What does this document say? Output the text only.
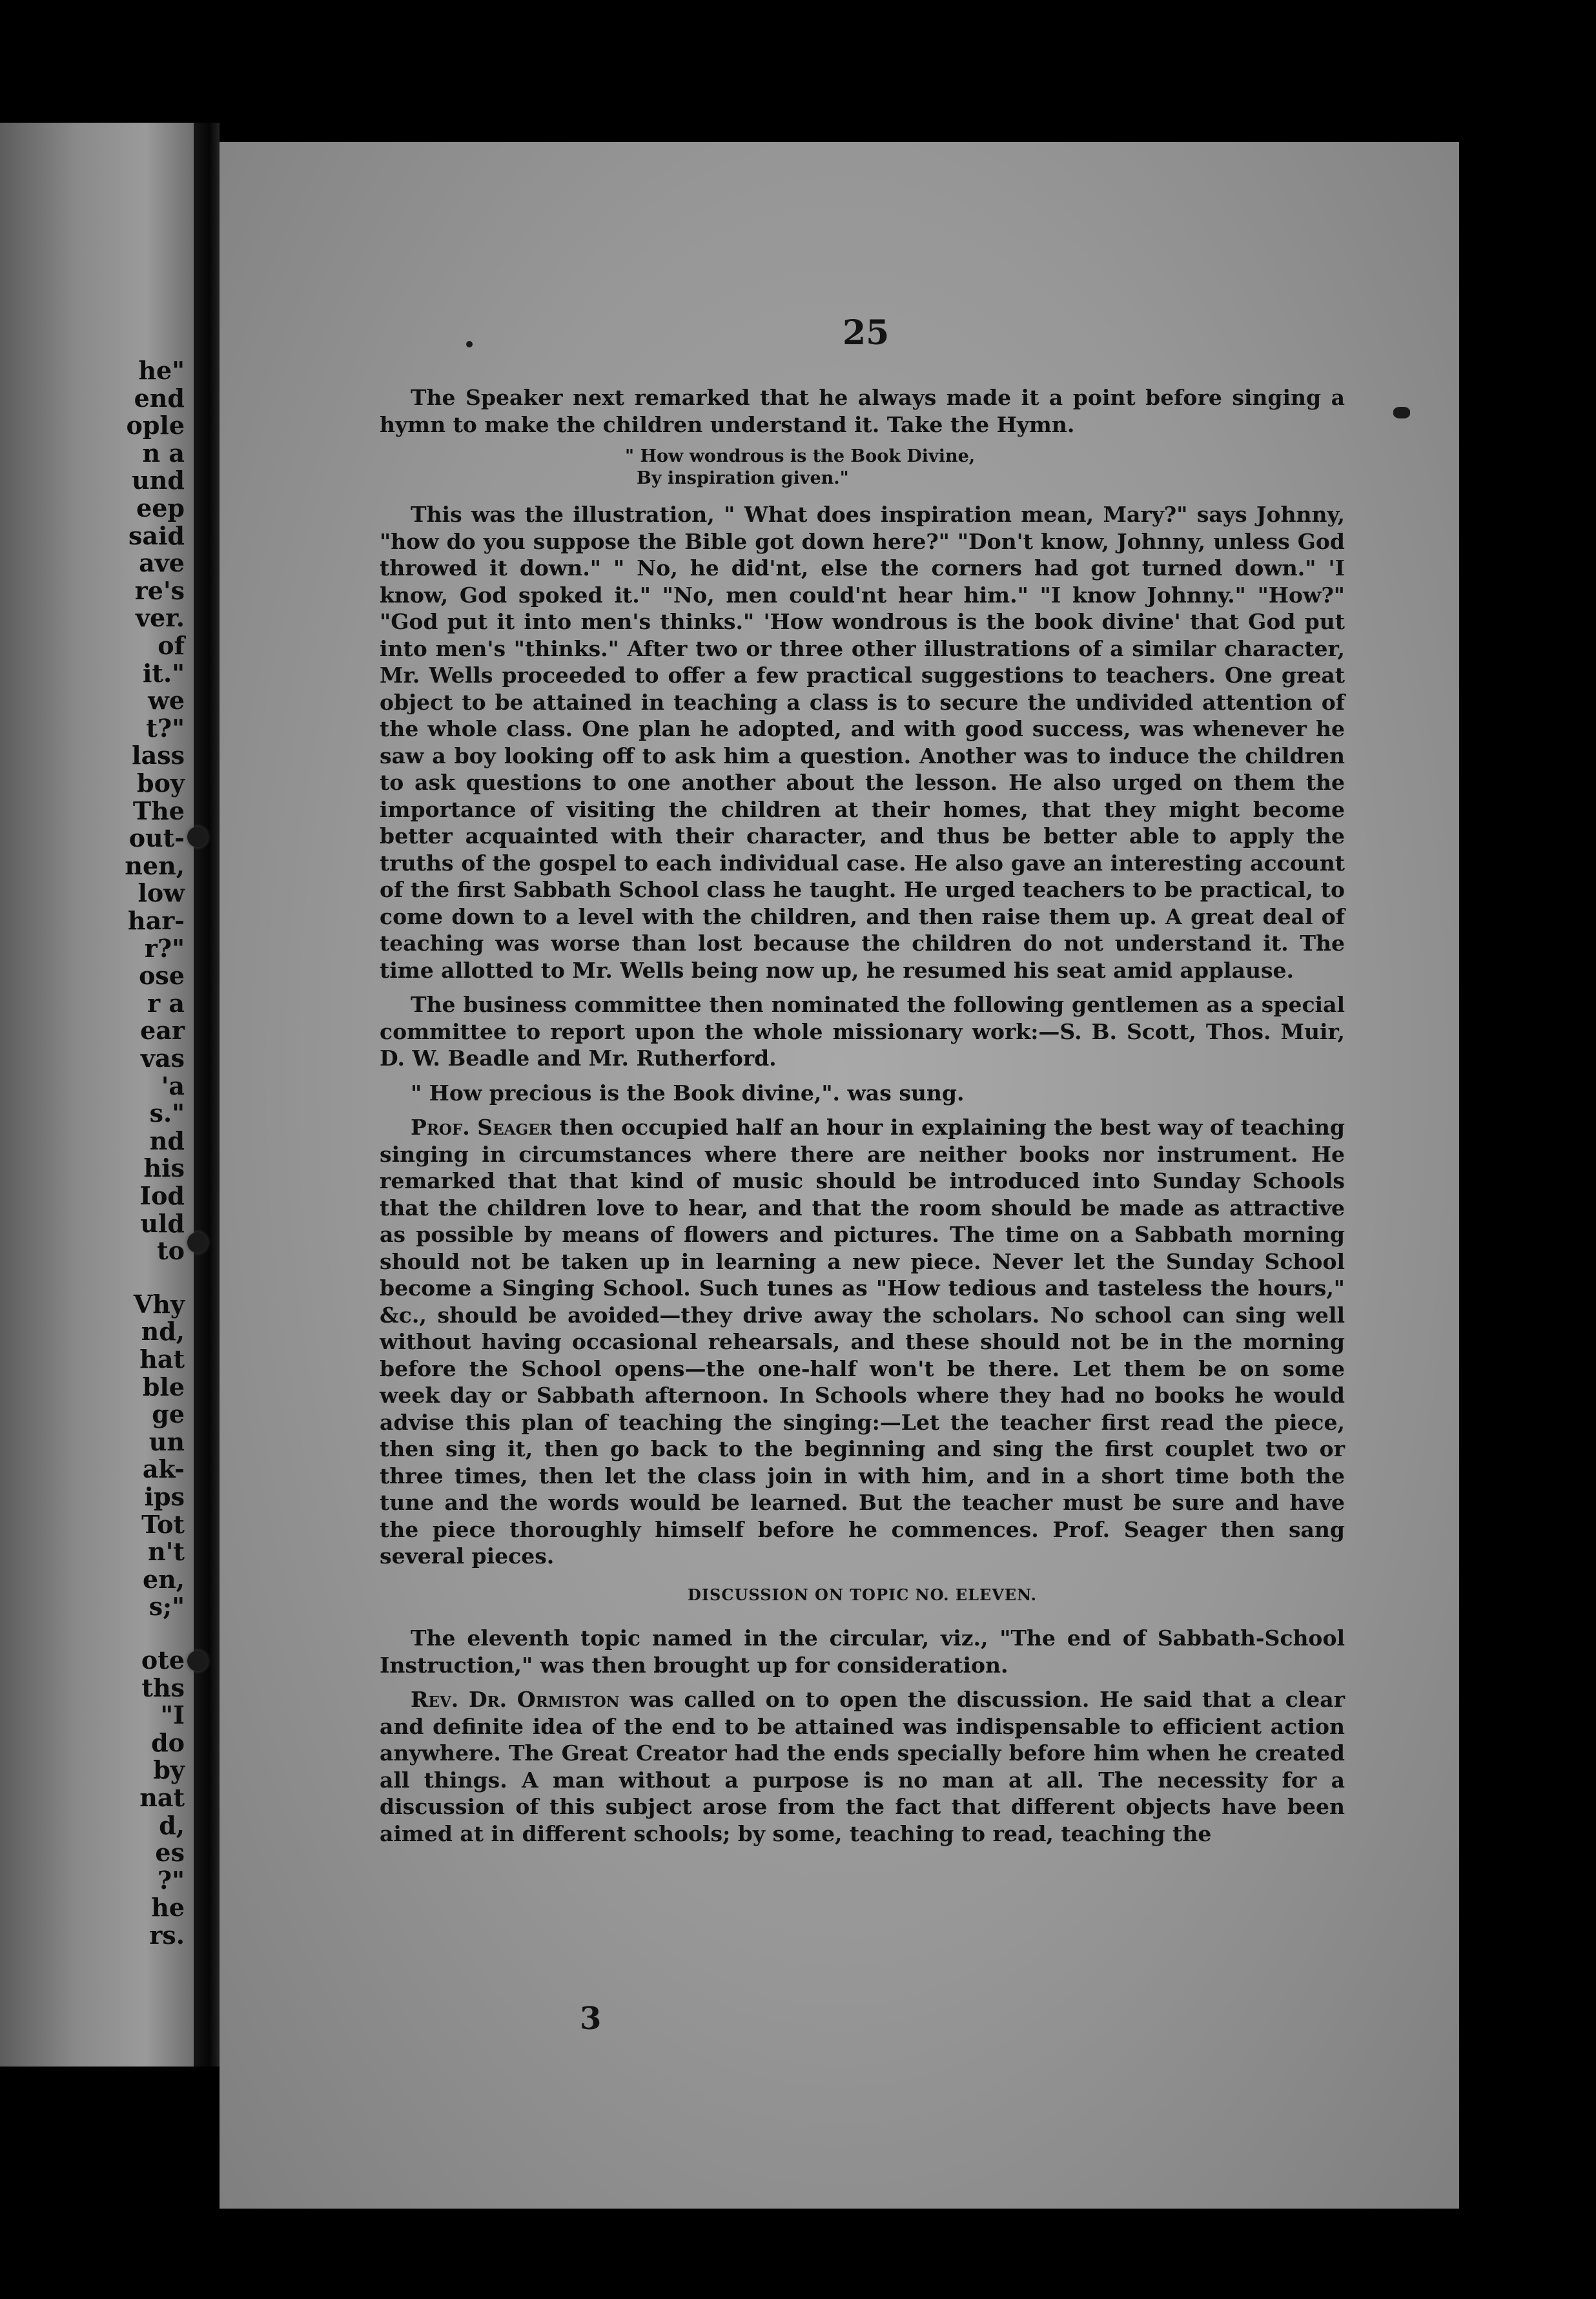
he"
end
ople
n a
und
eep
said
ave
re's
ver.
of
it."
we
t?"
lass
boy
The
out-
nen,
low
har-
r?"
ose
r a
ear
vas
'a
s."
nd
his
Iod
uld
to
Vhy
nd,
hat
ble
ge
un
ak-
ips
Tot
n't
en,
s;"
ote
ths
"I
do
by
nat
d,
es
?"
he
rs.
25

The Speaker next remarked that he always made it a point before singing a hymn to make the children understand it. Take the Hymn.

" How wondrous is the Book Divine,
By inspiration given."

This was the illustration, " What does inspiration mean, Mary?" says Johnny, "how do you suppose the Bible got down here?" "Don't know, Johnny, unless God throwed it down." " No, he did'nt, else the corners had got turned down." 'I know, God spoked it." "No, men could'nt hear him." "I know Johnny." "How?" "God put it into men's thinks." 'How wondrous is the book divine' that God put into men's "thinks." After two or three other illustrations of a similar character, Mr. Wells proceeded to offer a few practical suggestions to teachers. One great object to be attained in teaching a class is to secure the undivided attention of the whole class. One plan he adopted, and with good success, was whenever he saw a boy looking off to ask him a question. Another was to induce the children to ask questions to one another about the lesson. He also urged on them the importance of visiting the children at their homes, that they might become better acquainted with their character, and thus be better able to apply the truths of the gospel to each individual case. He also gave an interesting account of the first Sabbath School class he taught. He urged teachers to be practical, to come down to a level with the children, and then raise them up. A great deal of teaching was worse than lost because the children do not understand it. The time allotted to Mr. Wells being now up, he resumed his seat amid applause.

The business committee then nominated the following gentlemen as a special committee to report upon the whole missionary work:—S. B. Scott, Thos. Muir, D. W. Beadle and Mr. Rutherford.

" How precious is the Book divine,". was sung.

Prof. Seager then occupied half an hour in explaining the best way of teaching singing in circumstances where there are neither books nor instrument. He remarked that that kind of music should be introduced into Sunday Schools that the children love to hear, and that the room should be made as attractive as possible by means of flowers and pictures. The time on a Sabbath morning should not be taken up in learning a new piece. Never let the Sunday School become a Singing School. Such tunes as "How tedious and tasteless the hours," &c., should be avoided—they drive away the scholars. No school can sing well without having occasional rehearsals, and these should not be in the morning before the School opens—the one-half won't be there. Let them be on some week day or Sabbath afternoon. In Schools where they had no books he would advise this plan of teaching the singing:—Let the teacher first read the piece, then sing it, then go back to the beginning and sing the first couplet two or three times, then let the class join in with him, and in a short time both the tune and the words would be learned. But the teacher must be sure and have the piece thoroughly himself before he commences. Prof. Seager then sang several pieces.

DISCUSSION ON TOPIC NO. ELEVEN.

The eleventh topic named in the circular, viz., "The end of Sabbath-School Instruction," was then brought up for consideration.

Rev. Dr. Ormiston was called on to open the discussion. He said that a clear and definite idea of the end to be attained was indispensable to efficient action anywhere. The Great Creator had the ends specially before him when he created all things. A man without a purpose is no man at all. The necessity for a discussion of this subject arose from the fact that different objects have been aimed at in different schools; by some, teaching to read, teaching the

3
